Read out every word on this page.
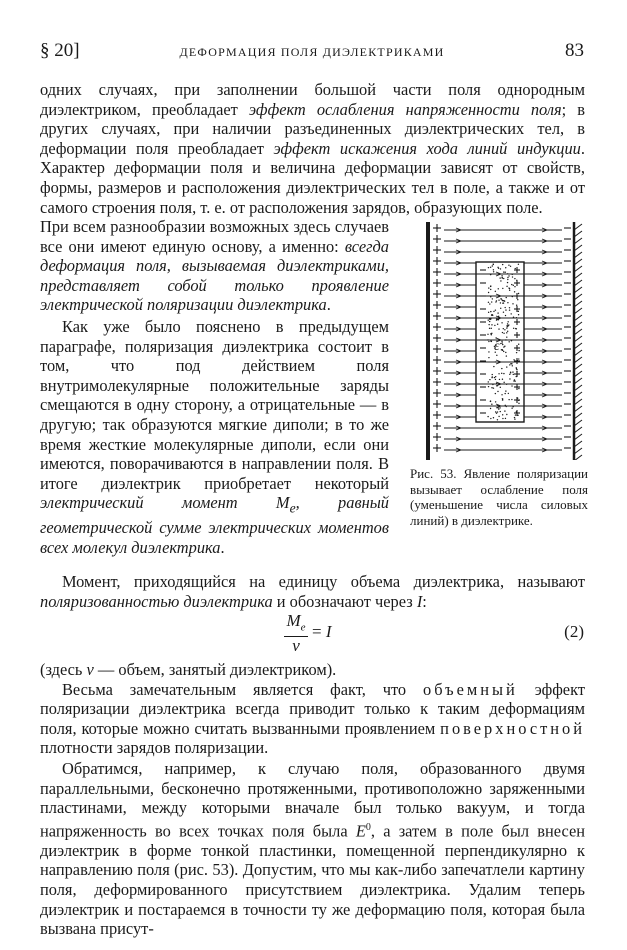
§ 20]	ДЕФОРМАЦИЯ ПОЛЯ ДИЭЛЕКТРИКАМИ	83

одних случаях, при заполнении большой части поля однородным диэлектриком, преобладает эффект ослабления напряженности поля; в других случаях, при наличии разъединенных диэлектрических тел, в деформации поля преобладает эффект искажения хода линий индукции. Характер деформации поля и величина деформации зависят от свойств, формы, размеров и расположения диэлектрических тел в поле, а также и от самого строения поля, т. е. от расположения зарядов, образующих поле.

При всем разнообразии возможных здесь случаев все они имеют единую основу, а именно: всегда деформация поля, вызываемая диэлектриками, представляет собой только проявление электрической поляризации диэлектрика.

Как уже было пояснено в предыдущем параграфе, поляризация диэлектрика состоит в том, что под действием поля внутримолекулярные положительные заряды смещаются в одну сторону, а отрицательные — в другую; так образуются мягкие диполи; в то же время жесткие молекулярные диполи, если они имеются, поворачиваются в направлении поля. В итоге диэлектрик приобретает некоторый электрический момент $M_e$, равный геометрической сумме электрических моментов всех молекул диэлектрика.

ε
Рис. 53. Явление поляризации вызывает ослабление поля (уменьшение числа силовых линий) в диэлектрике.

Момент, приходящийся на единицу объема диэлектрика, называют поляризованностью диэлектрика и обозначают через I:

$\frac{M_e}{v} = I$	(2)

(здесь v — объем, занятый диэлектриком).

Весьма замечательным является факт, что объемный эффект поляризации диэлектрика всегда приводит только к таким деформациям поля, которые можно считать вызванными проявлением поверхностной плотности зарядов поляризации.

Обратимся, например, к случаю поля, образованного двумя параллельными, бесконечно протяженными, противоположно заряженными пластинами, между которыми вначале был только вакуум, и тогда напряженность во всех точках поля была $E^0$, а затем в поле был внесен диэлектрик в форме тонкой пластинки, помещенной перпендикулярно к направлению поля (рис. 53). Допустим, что мы как-либо запечатлели картину поля, деформированного присутствием диэлектрика. Удалим теперь диэлектрик и постараемся в точности ту же деформацию поля, которая была вызвана присут-
